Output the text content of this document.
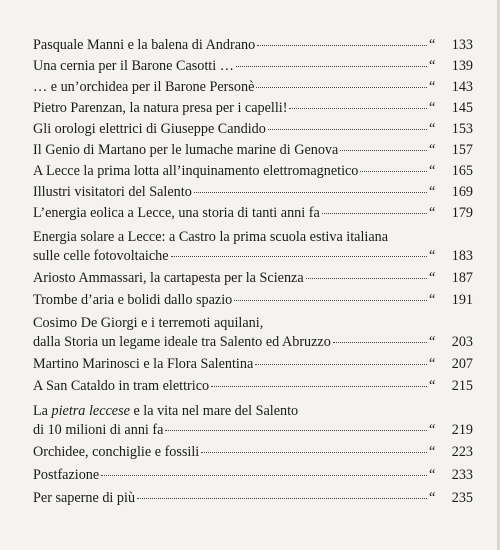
Pasquale Manni e la balena di Andrano	“	133
Una cernia per il Barone Casotti …	“	139
… e un’orchidea per il Barone Personè	“	143
Pietro Parenzan, la natura presa per i capelli!	“	145
Gli orologi elettrici di Giuseppe Candido	“	153
Il Genio di Martano per le lumache marine di Genova	“	157
A Lecce la prima lotta all’inquinamento elettromagnetico	“	165
Illustri visitatori del Salento	“	169
L’energia eolica a Lecce, una storia di tanti anni fa	“	179
Energia solare a Lecce: a Castro la prima scuola estiva italiana
sulle celle fotovoltaiche	“	183
Ariosto Ammassari, la cartapesta per la Scienza	“	187
Trombe d’aria e bolidi dallo spazio	“	191
Cosimo De Giorgi e i terremoti aquilani,
dalla Storia un legame ideale tra Salento ed Abruzzo	“	203
Martino Marinosci e la Flora Salentina	“	207
A San Cataldo in tram elettrico	“	215
La pietra leccese e la vita nel mare del Salento
di 10 milioni di anni fa	“	219
Orchidee, conchiglie e fossili	“	223
Postfazione	“	233
Per saperne di più	“	235
